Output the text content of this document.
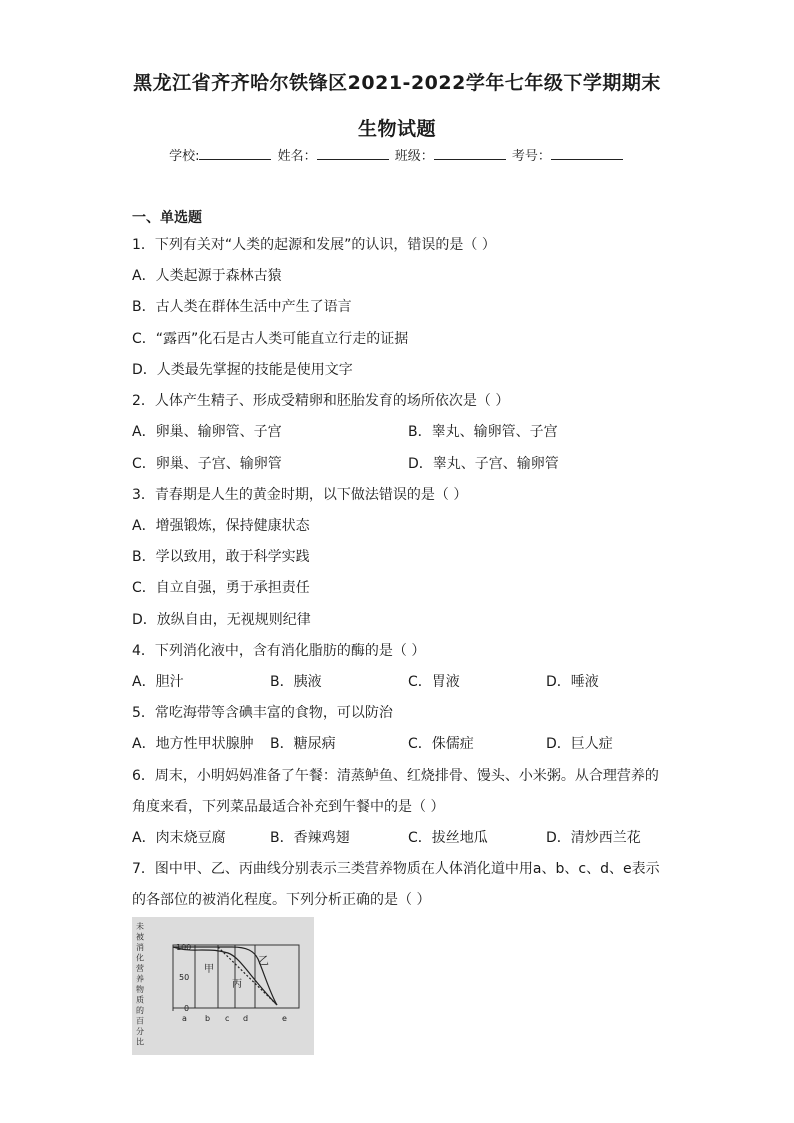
黑龙江省齐齐哈尔铁锋区2021-2022学年七年级下学期期末
生物试题
学校:	姓名：	班级：	考号：
一、单选题
1．下列有关对“人类的起源和发展”的认识，错误的是（ ）
A．人类起源于森林古猿
B．古人类在群体生活中产生了语言
C．“露西”化石是古人类可能直立行走的证据
D．人类最先掌握的技能是使用文字
2．人体产生精子、形成受精卵和胚胎发育的场所依次是（ ）
A．卵巢、输卵管、子宫	B．睾丸、输卵管、子宫
C．卵巢、子宫、输卵管	D．睾丸、子宫、输卵管
3．青春期是人生的黄金时期，以下做法错误的是（ ）
A．增强锻炼，保持健康状态
B．学以致用，敢于科学实践
C．自立自强，勇于承担责任
D．放纵自由，无视规则纪律
4．下列消化液中，含有消化脂肪的酶的是（ ）
A．胆汁	B．胰液	C．胃液	D．唾液
5．常吃海带等含碘丰富的食物，可以防治
A．地方性甲状腺肿 B．糖尿病	C．侏儒症	D．巨人症
6．周末，小明妈妈准备了午餐：清蒸鲈鱼、红烧排骨、馒头、小米粥。从合理营养的
角度来看，下列菜品最适合补充到午餐中的是（ ）
A．肉末烧豆腐	B．香辣鸡翅	C．拔丝地瓜	D．清炒西兰花
7．图中甲、乙、丙曲线分别表示三类营养物质在人体消化道中用a、b、c、d、e表示
的各部位的被消化程度。下列分析正确的是（ ）
未
被
消
化
营
养
物
质
的
百
分
比
100
50
0
甲
乙
丙
a b c d	e
